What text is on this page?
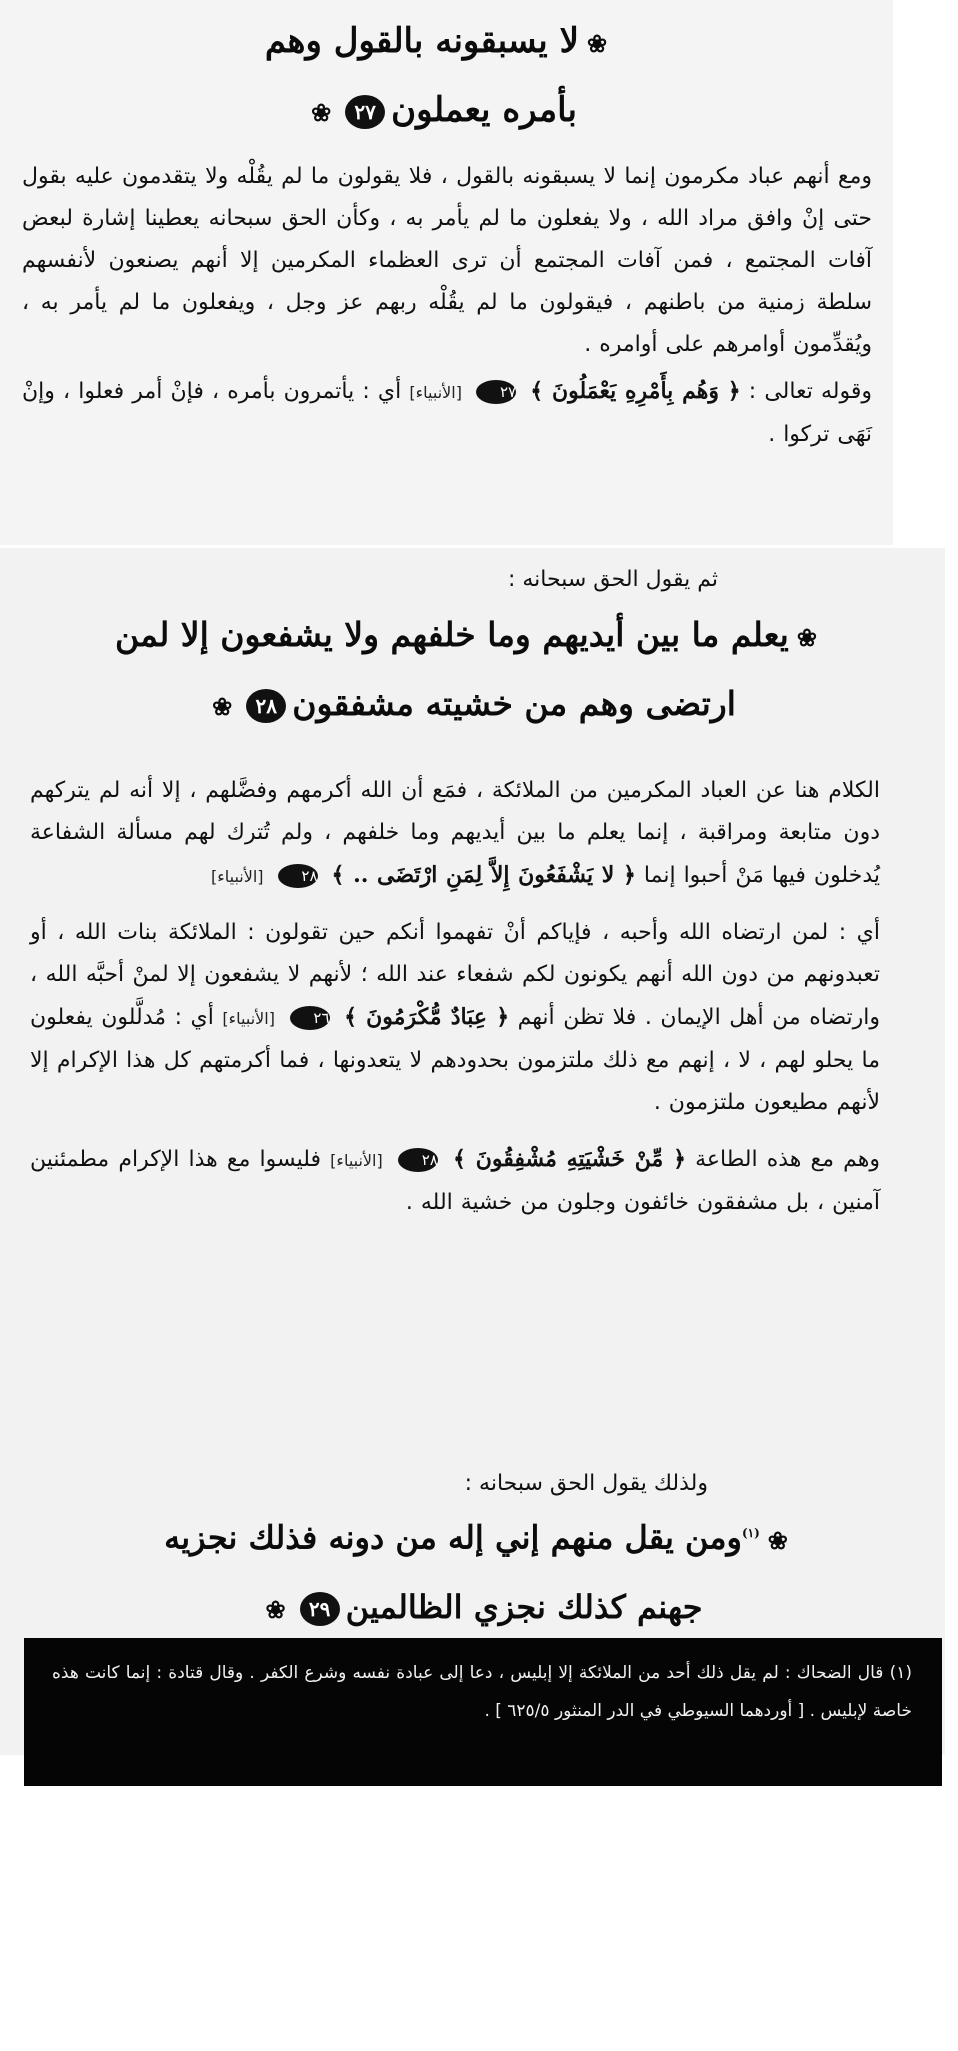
❀لا يسبقونه بالقول وهم
بأمره يعملون٢٧❀

ومع أنهم عباد مكرمون إنما لا يسبقونه بالقول ، فلا يقولون ما لم يقُلْه ولا يتقدمون عليه بقول حتى إنْ وافق مراد الله ، ولا يفعلون ما لم يأمر به ، وكأن الحق سبحانه يعطينا إشارة لبعض آفات المجتمع ، فمن آفات المجتمع أن ترى العظماء المكرمين إلا أنهم يصنعون لأنفسهم سلطة زمنية من باطنهم ، فيقولون ما لم يقُلْه ربهم عز وجل ، ويفعلون ما لم يأمر به ، ويُقدِّمون أوامرهم على أوامره .

وقوله تعالى : ﴿ وَهُم بِأَمْرِهِ يَعْمَلُونَ ﴾ ٢٧ [الأنبياء] أي : يأتمرون بأمره ، فإنْ أمر فعلوا ، وإنْ نَهَى تركوا .

ثم يقول الحق سبحانه :
❀يعلم ما بين أيديهم وما خلفهم ولا يشفعون إلا لمن
ارتضى وهم من خشيته مشفقون٢٨❀

الكلام هنا عن العباد المكرمين من الملائكة ، فمَع أن الله أكرمهم وفضَّلهم ، إلا أنه لم يتركهم دون متابعة ومراقبة ، إنما يعلم ما بين أيديهم وما خلفهم ، ولم تُترك لهم مسألة الشفاعة يُدخلون فيها مَنْ أحبوا إنما ﴿ لا يَشْفَعُونَ إِلاَّ لِمَنِ ارْتَضَى .. ﴾ ٢٨ [الأنبياء]

أي : لمن ارتضاه الله وأحبه ، فإياكم أنْ تفهموا أنكم حين تقولون : الملائكة بنات الله ، أو تعبدونهم من دون الله أنهم يكونون لكم شفعاء عند الله ؛ لأنهم لا يشفعون إلا لمنْ أحبَّه الله ، وارتضاه من أهل الإيمان . فلا تظن أنهم ﴿ عِبَادٌ مُّكْرَمُونَ ﴾ ٢٦ [الأنبياء] أي : مُدلَّلون يفعلون ما يحلو لهم ، لا ، إنهم مع ذلك ملتزمون بحدودهم لا يتعدونها ، فما أكرمتهم كل هذا الإكرام إلا لأنهم مطيعون ملتزمون .

وهم مع هذه الطاعة ﴿ مِّنْ خَشْيَتِهِ مُشْفِقُونَ ﴾ ٢٨ [الأنبياء] فليسوا مع هذا الإكرام مطمئنين آمنين ، بل مشفقون خائفون وجلون من خشية الله .

ولذلك يقول الحق سبحانه :
❀$^{(١)}$ومن يقل منهم إني إله من دونه فذلك نجزيه
جهنم كذلك نجزي الظالمين٢٩❀
(١) قال الضحاك : لم يقل ذلك أحد من الملائكة إلا إبليس ، دعا إلى عبادة نفسه وشرع الكفر . وقال قتادة : إنما كانت هذه خاصة لإبليس . [ أوردهما السيوطي في الدر المنثور ٦٢٥/٥ ] .
